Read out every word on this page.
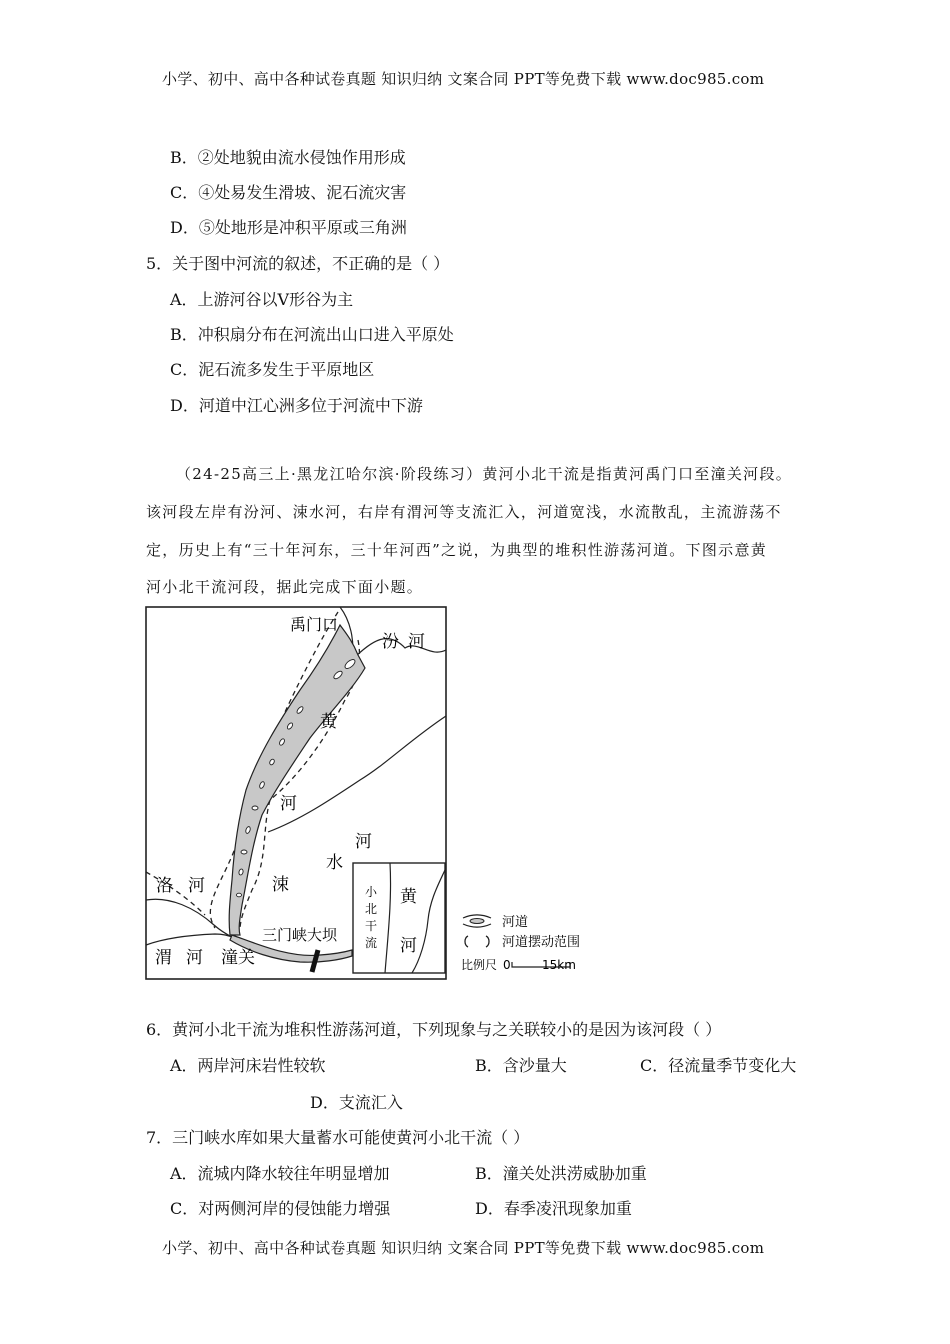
小学、初中、高中各种试卷真题 知识归纳 文案合同 PPT等免费下载 www.doc985.com
B．②处地貌由流水侵蚀作用形成
C．④处易发生滑坡、泥石流灾害
D．⑤处地形是冲积平原或三角洲
5．关于图中河流的叙述，不正确的是（ ）
A．上游河谷以V形谷为主
B．冲积扇分布在河流出山口进入平原处
C．泥石流多发生于平原地区
D．河道中江心洲多位于河流中下游
（24-25高三上·黑龙江哈尔滨·阶段练习）黄河小北干流是指黄河禹门口至潼关河段。
该河段左岸有汾河、涑水河，右岸有渭河等支流汇入，河道宽浅，水流散乱，主流游荡不
定，历史上有“三十年河东，三十年河西”之说，为典型的堆积性游荡河道。下图示意黄
河小北干流河段，据此完成下面小题。
禹门口
汾 河
黄
河
河
水
涑
洛 河
三门峡大坝
渭 河 潼关
小
北
干
流
黄
河
河道
河道摆动范围
比例尺 0	15km
6．黄河小北干流为堆积性游荡河道，下列现象与之关联较小的是因为该河段（ ）
A．两岸河床岩性较软	B．含沙量大	C．径流量季节变化大
D．支流汇入
7．三门峡水库如果大量蓄水可能使黄河小北干流（ ）
A．流城内降水较往年明显增加	B．潼关处洪涝威胁加重
C．对两侧河岸的侵蚀能力增强	D．春季凌汛现象加重
小学、初中、高中各种试卷真题 知识归纳 文案合同 PPT等免费下载 www.doc985.com
